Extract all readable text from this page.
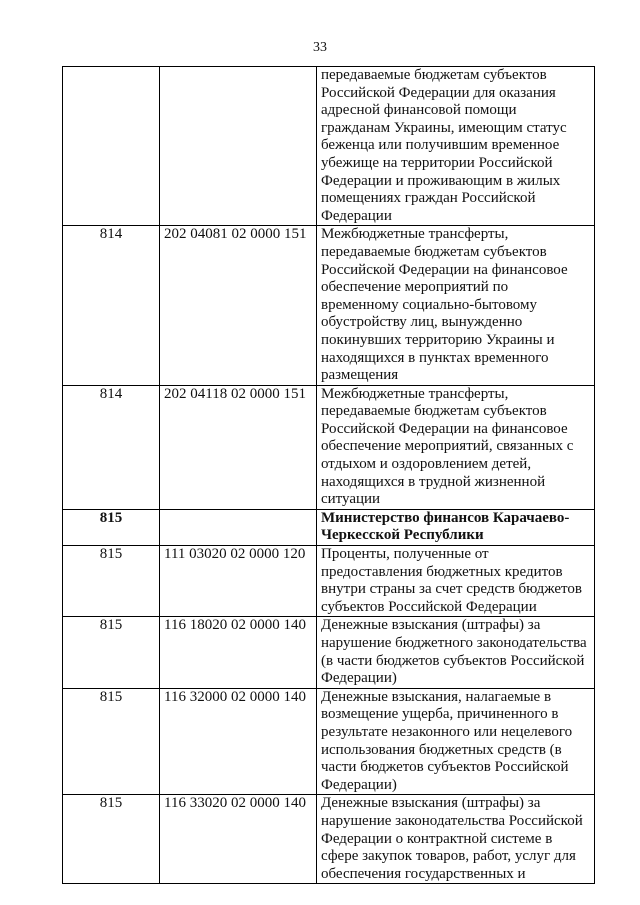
33
		передаваемые бюджетам субъектов Российской Федерации для оказания адресной финансовой помощи гражданам Украины, имеющим статус беженца или получившим временное убежище на территории Российской Федерации и проживающим в жилых помещениях граждан Российской Федерации
814	202 04081 02 0000 151	Межбюджетные трансферты, передаваемые бюджетам субъектов Российской Федерации на финансовое обеспечение мероприятий по временному социально-бытовому обустройству лиц, вынужденно покинувших территорию Украины и находящихся в пунктах временного размещения
814	202 04118 02 0000 151	Межбюджетные трансферты, передаваемые бюджетам субъектов Российской Федерации на финансовое обеспечение мероприятий, связанных с отдыхом и оздоровлением детей, находящихся в трудной жизненной ситуации
815		Министерство финансов Карачаево-Черкесской Республики
815	111 03020 02 0000 120	Проценты, полученные от предоставления бюджетных кредитов внутри страны за счет средств бюджетов субъектов Российской Федерации
815	116 18020 02 0000 140	Денежные взыскания (штрафы) за нарушение бюджетного законодательства (в части бюджетов субъектов Российской Федерации)
815	116 32000 02 0000 140	Денежные взыскания, налагаемые в возмещение ущерба, причиненного в результате незаконного или нецелевого использования бюджетных средств (в части бюджетов субъектов Российской Федерации)
815	116 33020 02 0000 140	Денежные взыскания (штрафы) за нарушение законодательства Российской Федерации о контрактной системе в сфере закупок товаров, работ, услуг для обеспечения государственных и
